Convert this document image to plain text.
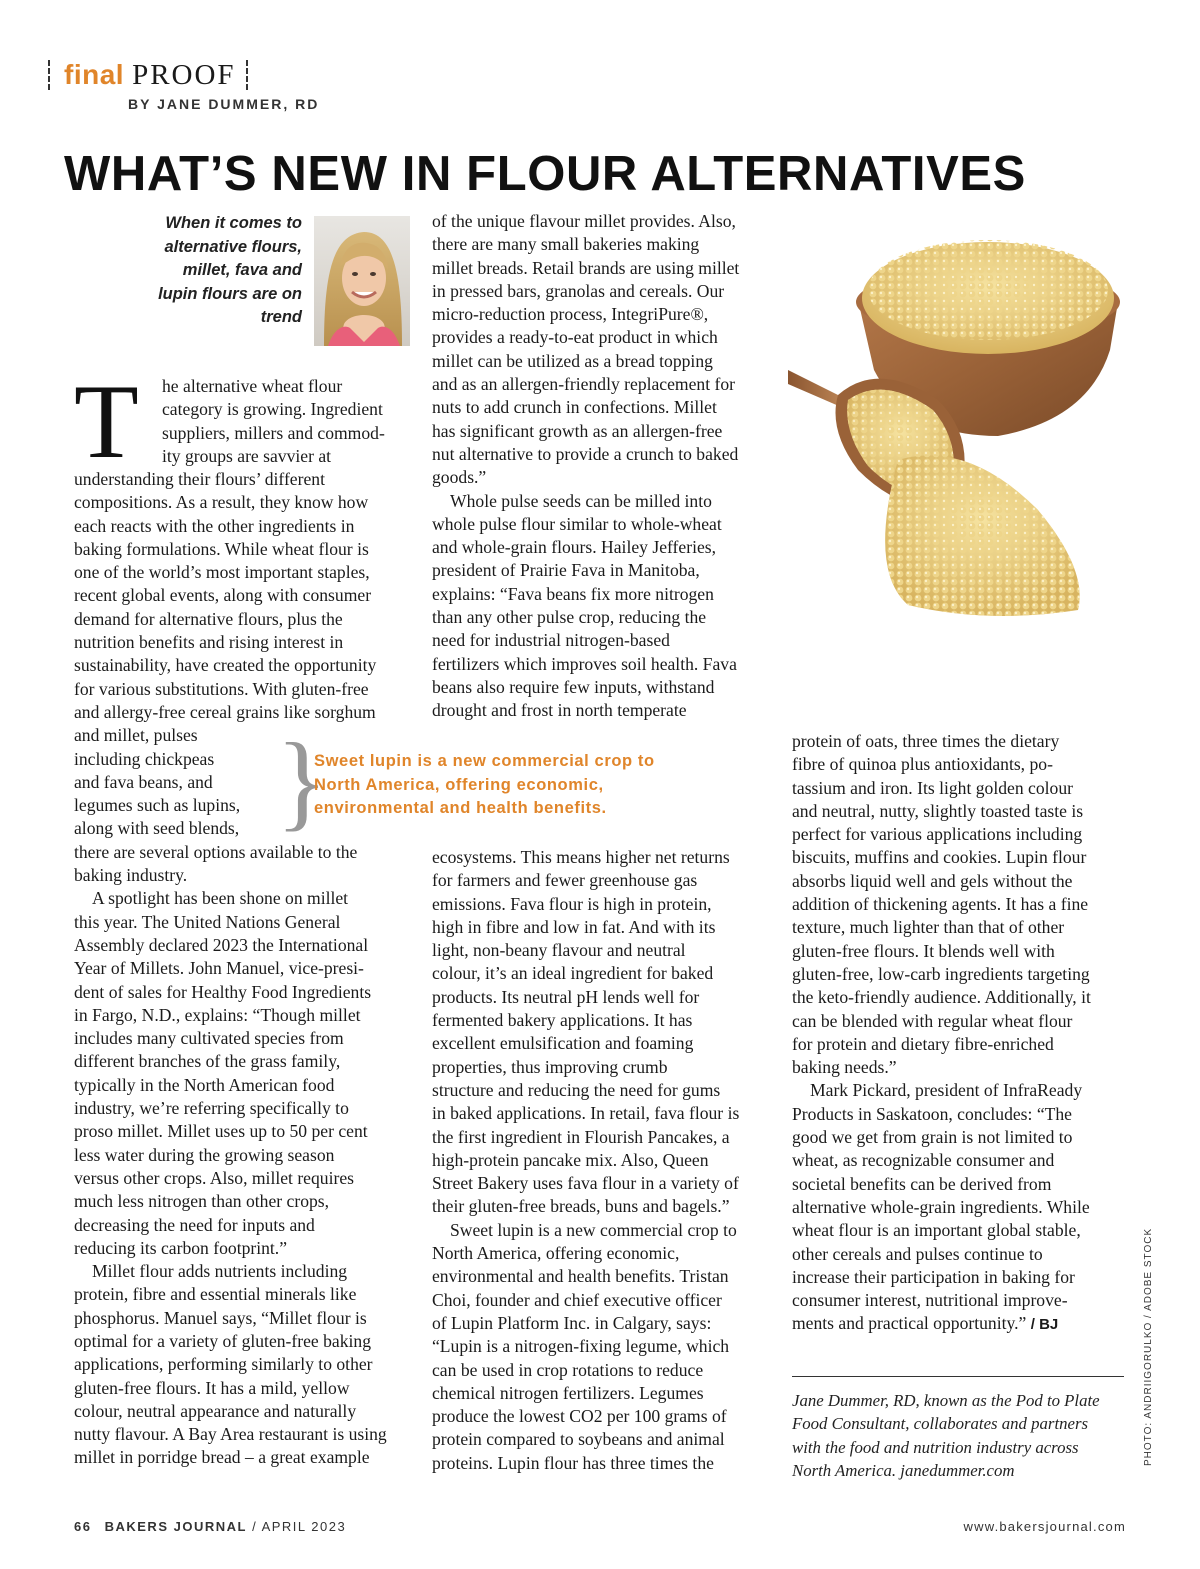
final PROOF
BY JANE DUMMER, RD
WHAT’S NEW IN FLOUR ALTERNATIVES
When it comes to
alternative flours,
millet, fava and
lupin flours are on
trend
T he alternative wheat flour
category is growing. Ingredient
suppliers, millers and commod-
ity groups are savvier at
understanding their flours’ different
compositions. As a result, they know how
each reacts with the other ingredients in
baking formulations. While wheat flour is
one of the world’s most important staples,
recent global events, along with consumer
demand for alternative flours, plus the
nutrition benefits and rising interest in
sustainability, have created the opportunity
for various substitutions. With gluten-free
and allergy-free cereal grains like sorghum
and millet, pulses
including chickpeas
and fava beans, and
legumes such as lupins,
along with seed blends,
there are several options available to the
baking industry.
A spotlight has been shone on millet
this year. The United Nations General
Assembly declared 2023 the International
Year of Millets. John Manuel, vice-presi-
dent of sales for Healthy Food Ingredients
in Fargo, N.D., explains: “Though millet
includes many cultivated species from
different branches of the grass family,
typically in the North American food
industry, we’re referring specifically to
proso millet. Millet uses up to 50 per cent
less water during the growing season
versus other crops. Also, millet requires
much less nitrogen than other crops,
decreasing the need for inputs and
reducing its carbon footprint.”
Millet flour adds nutrients including
protein, fibre and essential minerals like
phosphorus. Manuel says, “Millet flour is
optimal for a variety of gluten-free baking
applications, performing similarly to other
gluten-free flours. It has a mild, yellow
colour, neutral appearance and naturally
nutty flavour. A Bay Area restaurant is using
millet in porridge bread – a great example
}
Sweet lupin is a new commercial crop to
North America, offering economic,
environmental and health benefits.
of the unique flavour millet provides. Also,
there are many small bakeries making
millet breads. Retail brands are using millet
in pressed bars, granolas and cereals. Our
micro-reduction process, IntegriPure®,
provides a ready-to-eat product in which
millet can be utilized as a bread topping
and as an allergen-friendly replacement for
nuts to add crunch in confections. Millet
has significant growth as an allergen-free
nut alternative to provide a crunch to baked
goods.”
Whole pulse seeds can be milled into
whole pulse flour similar to whole-wheat
and whole-grain flours. Hailey Jefferies,
president of Prairie Fava in Manitoba,
explains: “Fava beans fix more nitrogen
than any other pulse crop, reducing the
need for industrial nitrogen-based
fertilizers which improves soil health. Fava
beans also require few inputs, withstand
drought and frost in north temperate
ecosystems. This means higher net returns
for farmers and fewer greenhouse gas
emissions. Fava flour is high in protein,
high in fibre and low in fat. And with its
light, non-beany flavour and neutral
colour, it’s an ideal ingredient for baked
products. Its neutral pH lends well for
fermented bakery applications. It has
excellent emulsification and foaming
properties, thus improving crumb
structure and reducing the need for gums
in baked applications. In retail, fava flour is
the first ingredient in Flourish Pancakes, a
high-protein pancake mix. Also, Queen
Street Bakery uses fava flour in a variety of
their gluten-free breads, buns and bagels.”
Sweet lupin is a new commercial crop to
North America, offering economic,
environmental and health benefits. Tristan
Choi, founder and chief executive officer
of Lupin Platform Inc. in Calgary, says:
“Lupin is a nitrogen-fixing legume, which
can be used in crop rotations to reduce
chemical nitrogen fertilizers. Legumes
produce the lowest CO2 per 100 grams of
protein compared to soybeans and animal
proteins. Lupin flour has three times the
protein of oats, three times the dietary
fibre of quinoa plus antioxidants, po-
tassium and iron. Its light golden colour
and neutral, nutty, slightly toasted taste is
perfect for various applications including
biscuits, muffins and cookies. Lupin flour
absorbs liquid well and gels without the
addition of thickening agents. It has a fine
texture, much lighter than that of other
gluten-free flours. It blends well with
gluten-free, low-carb ingredients targeting
the keto-friendly audience. Additionally, it
can be blended with regular wheat flour
for protein and dietary fibre-enriched
baking needs.”
Mark Pickard, president of InfraReady
Products in Saskatoon, concludes: “The
good we get from grain is not limited to
wheat, as recognizable consumer and
societal benefits can be derived from
alternative whole-grain ingredients. While
wheat flour is an important global stable,
other cereals and pulses continue to
increase their participation in baking for
consumer interest, nutritional improve-
ments and practical opportunity.” / BJ
Jane Dummer, RD, known as the Pod to Plate
Food Consultant, collaborates and partners
with the food and nutrition industry across
North America. janedummer.com
PHOTO: ANDRIIGORULKO / ADOBE STOCK
66 BAKERS JOURNAL / APRIL 2023	www.bakersjournal.com
